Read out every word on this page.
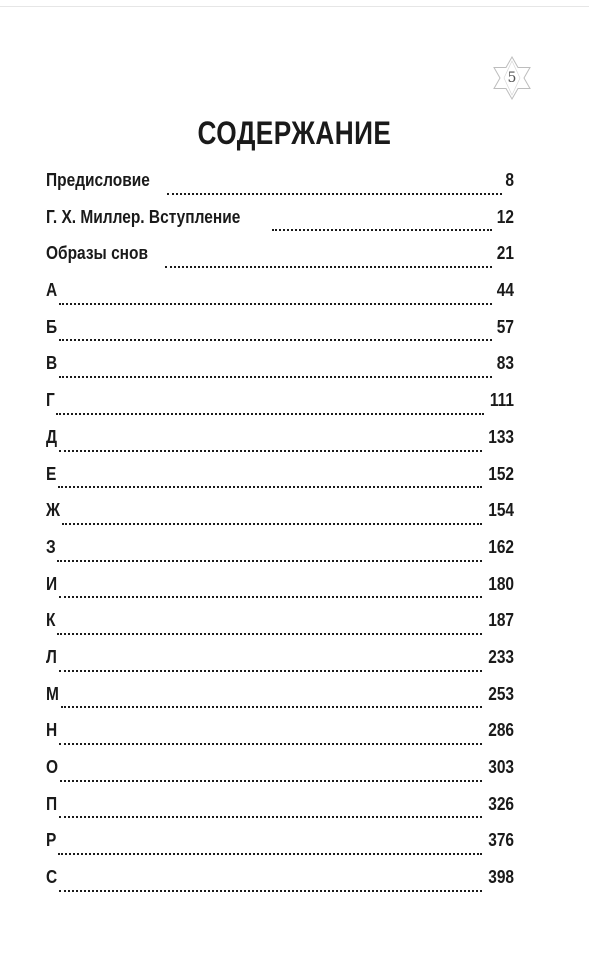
5
СОДЕРЖАНИЕ
Предисловие	8
Г. Х. Миллер. Вступление	12
Образы снов	21
А	44
Б	57
В	83
Г	111
Д	133
Е	152
Ж	154
З	162
И	180
К	187
Л	233
М	253
Н	286
О	303
П	326
Р	376
С	398
